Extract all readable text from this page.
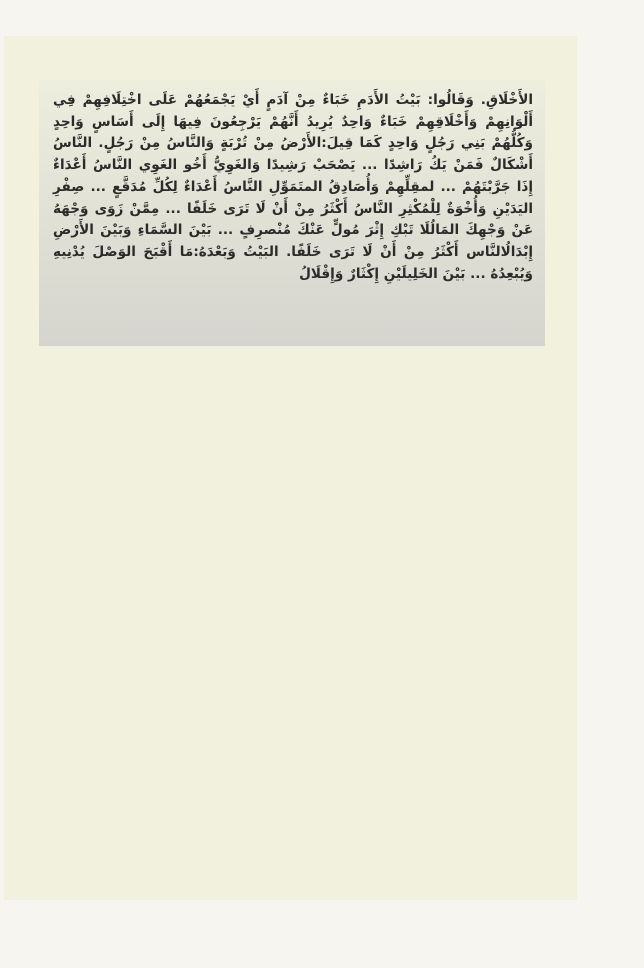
الأَخْلَاقِ. وَقَالُوا: بَيْتُ الأَدَمِ خَبَاءٌ مِنْ آدَمٍ أَيْ يَجْمَعُهُمْ عَلَى اخْتِلَافِهِمْ فِي أَلْوَانِهِمْ وَأَخْلَاقِهِمْ خَبَاءٌ وَاحِدٌ يُرِيدُ أَنَّهُمْ يَرْجِعُونَ فِيهَا إِلَى أَسَاسٍ وَاحِدٍ وَكُلُّهُمْ بَنِي رَجُلٍ وَاحِدٍ كَمَا قِيلَ:الأَرْضُ مِنْ تُرْبَةٍ وَالنَّاسُ مِنْ رَجُلٍ. النَّاسُ أَشْكَالٌ فَمَنْ يَكُ رَاشِدًا ... يَصْحَبْ رَشِيدًا وَالغَوِيُّ أَخُو الغَوِي النَّاسُ أَعْدَاءٌ إِذَا جَرَّبْتَهُمْ ... لمقِلِّهِمْ وَأُصَادِقُ المتَمَوِّلِ النَّاسُ أَعْدَاءٌ لِكُلِّ مُدَقَّعٍ ... صِفْرِ اليَدَيْنِ وَأُخْوَةٌ لِلْمُكْثِرِ النَّاسُ أَكْثَرُ مِنْ أَنْ لَا تَرَى خَلَفًا ... مِمَّنْ زَوَى وَجْهَهُ عَنْ وَجْهِكَ المَالُلَا تَبْكِ إِثْرَ مُولٍّ عَنْكَ مُنْصرِفٍ ... بَيْنَ السَّمَاءِ وَبَيْنَ الأَرْضِ إِبْدَالُالنَّاس أَكْثَرُ مِنْ أَنْ لَا تَرَى خَلَفًا. البَيْتُ وَبَعْدَهُ:مَا أَقْبَحَ الوَصْلَ يُدْنِيهِ وَيُبْعِدُهُ ... بَيْنَ الخَلِيلَيْنِ إِكْثَارٌ وَإِقْلَالُ
